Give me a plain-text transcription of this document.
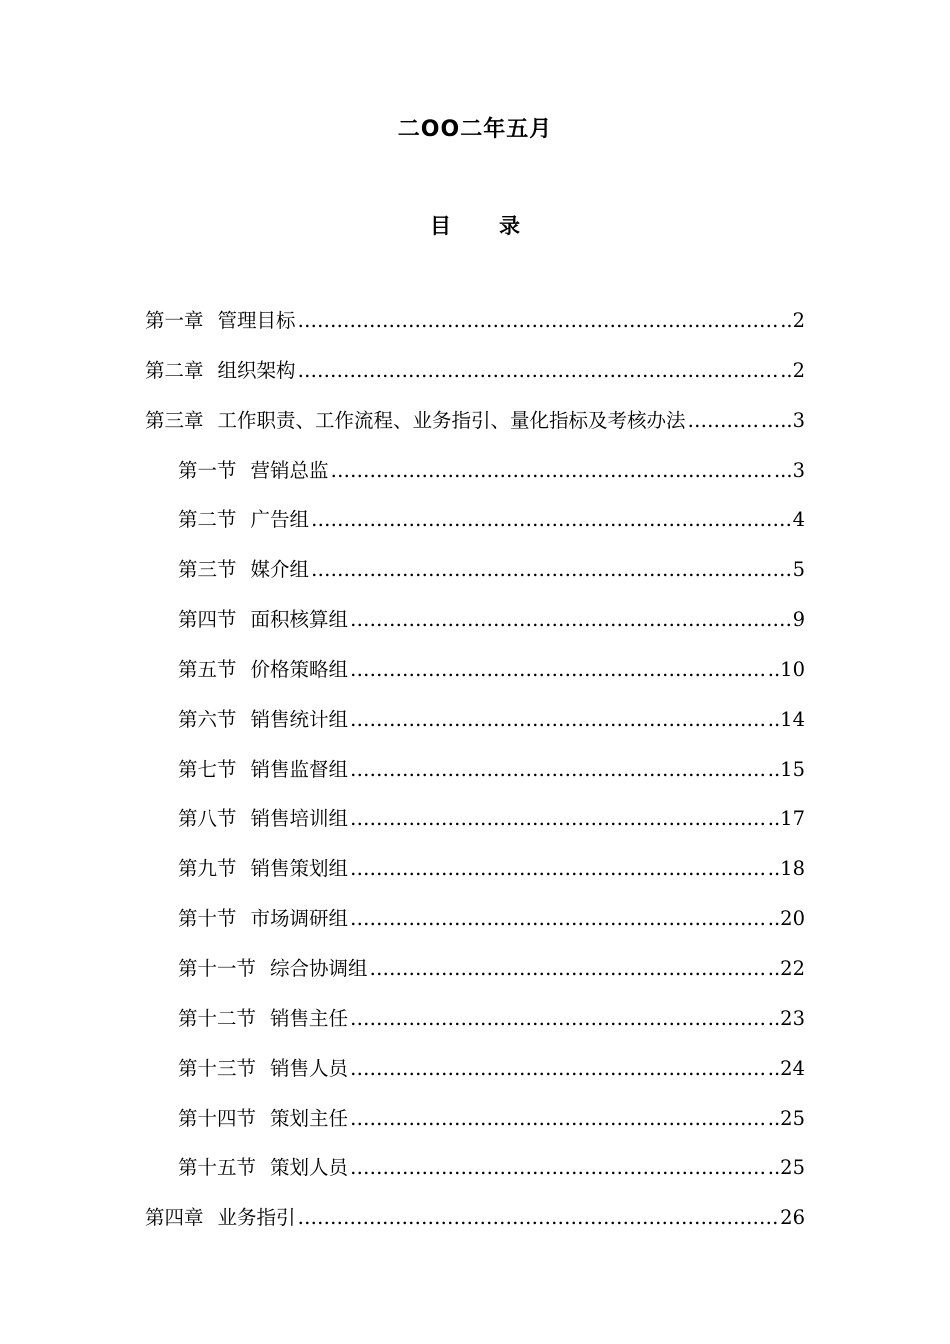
二OO二年五月
目 录
第一章 管理目标 ………………………………………………………………………………………………………………………………………………	..2
第二章 组织架构 ………………………………………………………………………………………………………………………………………………	..2
第三章 工作职责、工作流程、业务指引、量化指标及考核办法 ………………………………………………………………………………………………………………………………………………	…..3
第一节 营销总监 ………………………………………………………………………………………………………………………………………………	...3
第二节 广告组 ………………………………………………………………………………………………………………………………………………	4
第三节 媒介组 ………………………………………………………………………………………………………………………………………………	5
第四节 面积核算组 ………………………………………………………………………………………………………………………………………………	9
第五节 价格策略组 ………………………………………………………………………………………………………………………………………………	..10
第六节 销售统计组 ………………………………………………………………………………………………………………………………………………	..14
第七节 销售监督组 ………………………………………………………………………………………………………………………………………………	..15
第八节 销售培训组 ………………………………………………………………………………………………………………………………………………	..17
第九节 销售策划组 ………………………………………………………………………………………………………………………………………………	..18
第十节 市场调研组 ………………………………………………………………………………………………………………………………………………	..20
第十一节 综合协调组 ………………………………………………………………………………………………………………………………………………	..22
第十二节 销售主任 ………………………………………………………………………………………………………………………………………………	..23
第十三节 销售人员 ………………………………………………………………………………………………………………………………………………	..24
第十四节 策划主任 ………………………………………………………………………………………………………………………………………………	..25
第十五节 策划人员 ………………………………………………………………………………………………………………………………………………	..25
第四章 业务指引 ………………………………………………………………………………………………………………………………………………	26
